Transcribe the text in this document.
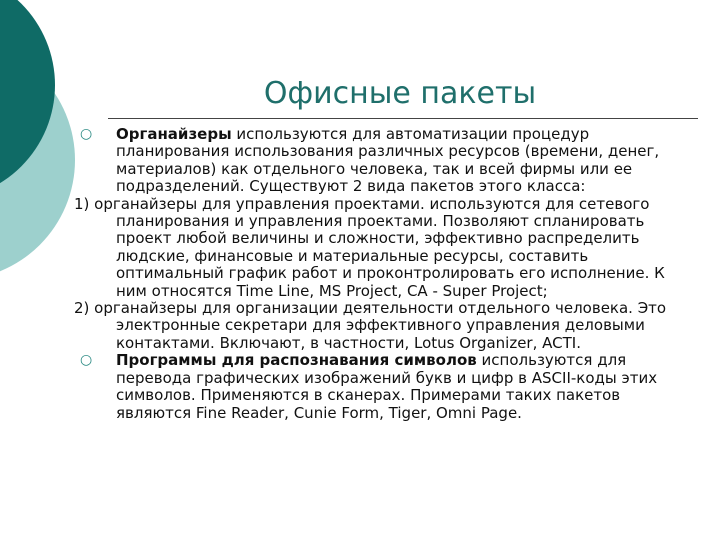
Офисные пакеты

○ Органайзеры используются для автоматизации процедур планирования использования различных ресурсов (времени, денег, материалов) как отдельного человека, так и всей фирмы или ее подразделений. Существуют 2 вида пакетов этого класса:

1) органайзеры для управления проектами. используются для сетевого планирования и управления проектами. Позволяют спланировать проект любой величины и сложности, эффективно распределить людские, финансовые и материальные ресурсы, составить оптимальный график работ и проконтролировать его исполнение. К ним относятся Time Line, MS Project, CA - Super Project;

2) органайзеры для организации деятельности отдельного человека. Это электронные секретари для эффективного управления деловыми контактами. Включают, в частности, Lotus Organizer, ACTI.

○ Программы для распознавания символов используются для перевода графических изображений букв и цифр в ASCII-коды этих символов. Применяются в сканерах. Примерами таких пакетов являются Fine Reader, Cunie Form, Tiger, Omni Page.
